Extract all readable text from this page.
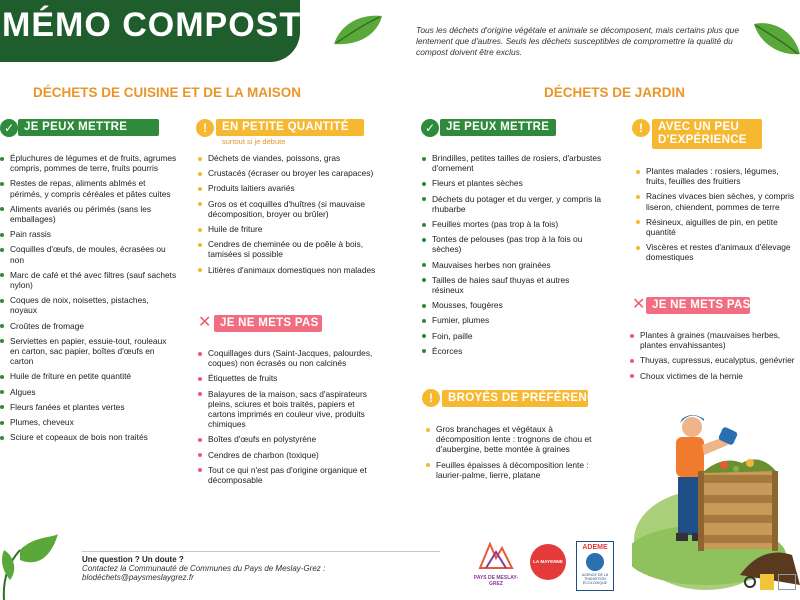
MÉMO COMPOST	Tous les déchets d'origine végétale et animale se décomposent, mais certains plus que lentement que d'autres. Seuls les déchets susceptibles de compromettre la qualité du compost doivent être exclus.
DÉCHETS DE CUISINE ET DE LA MAISON	DÉCHETS DE JARDIN
✓ JE PEUX METTRE
Épluchures de légumes et de fruits, agrumes compris, pommes de terre, fruits pourris
Restes de repas, aliments ablmés et périmés, y compris céréales et pâtes cuites
Aliments avariés ou périmés (sans les emballages)
Pain rassis
Coquilles d'œufs, de moules, écrasées ou non
Marc de café et thé avec filtres (sauf sachets nylon)
Coques de noix, noisettes, pistaches, noyaux
Croûtes de fromage
Serviettes en papier, essuie-tout, rouleaux en carton, sac papier, boîtes d'œufs en carton
Huile de friture en petite quantité
Algues
Fleurs fanées et plantes vertes
Plumes, cheveux
Sciure et copeaux de bois non traités
!	EN PETITE QUANTITÉ
surtout si je débute
Déchets de viandes, poissons, gras
Crustacés (écraser ou broyer les carapaces)
Produits laitiers avariés
Gros os et coquilles d'huîtres (si mauvaise décomposition, broyer ou brûler)
Huile de friture
Cendres de cheminée ou de poêle à bois, tamisées si possible
Litières d'animaux domestiques non malades
✕ JE NE METS PAS
Coquillages durs (Saint-Jacques, palourdes, coques) non écrasés ou non calcinés
Étiquettes de fruits
Balayures de la maison, sacs d'aspirateurs pleins, sciures et bois traités, papiers et cartons imprimés en couleur vive, produits chimiques
Boîtes d'œufs en polystyrène
Cendres de charbon (toxique)
Tout ce qui n'est pas d'origine organique et décomposable
✓ JE PEUX METTRE
Brindilles, petites tailles de rosiers, d'arbustes d'ornement
Fleurs et plantes sèches
Déchets du potager et du verger, y compris la rhubarbe
Feuilles mortes (pas trop à la fois)
Tontes de pelouses (pas trop à la fois ou sèches)
Mauvaises herbes non grainées
Tailles de haies sauf thuyas et autres résineux
Mousses, fougères
Fumier, plumes
Foin, paille
Écorces
!	BROYÉS DE PRÉFÉRENCE
Gros branchages et végétaux à décomposition lente : trognons de chou et d'aubergine, bette montée à graines
Feuilles épaisses à décomposition lente : laurier-palme, lierre, platane
!	AVEC UN PEU D'EXPÉRIENCE
Plantes malades : rosiers, légumes, fruits, feuilles des fruitiers
Racines vivaces bien sèches, y compris liseron, chiendent, pommes de terre
Résineux, aiguilles de pin, en petite quantité
Viscères et restes d'animaux d'élevage domestiques
✕ JE NE METS PAS
Plantes à graines (mauvaises herbes, plantes envahissantes)
Thuyas, cupressus, eucalyptus, genévrier
Choux victimes de la hernie
Une question ? Un doute ?
Contactez la Communauté de Communes du Pays de Meslay-Grez :
blodéchets@paysmeslaygrez.fr	PAYS DE MESLAY-GREZ
LA MAYENNE
ADEME
AGENCE DE LA TRANSITION ÉCOLOGIQUE
